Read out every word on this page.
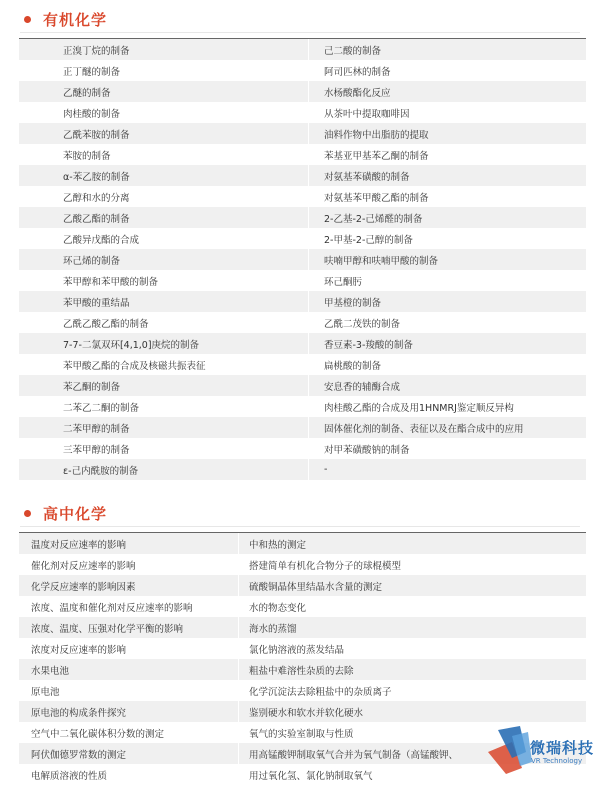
有机化学
正溴丁烷的制备	己二酸的制备
正丁醚的制备	阿司匹林的制备
乙醚的制备	水杨酸酯化反应
肉桂酸的制备	从茶叶中提取咖啡因
乙酰苯胺的制备	油料作物中出脂肪的提取
苯胺的制备	苯基亚甲基苯乙酮的制备
α-苯乙胺的制备	对氨基苯磺酸的制备
乙醇和水的分离	对氨基苯甲酸乙酯的制备
乙酸乙酯的制备	2-乙基-2-己烯醛的制备
乙酸异戊酯的合成	2-甲基-2-己醇的制备
环己烯的制备	呋喃甲醇和呋喃甲酸的制备
苯甲醇和苯甲酸的制备	环己酮肟
苯甲酸的重结晶	甲基橙的制备
乙酰乙酸乙酯的制备	乙酰二茂铁的制备
7-7-二氯双环[4,1,0]庚烷的制备	香豆素-3-羧酸的制备
苯甲酸乙酯的合成及核磁共振表征	扁桃酸的制备
苯乙酮的制备	安息香的辅酶合成
二苯乙二酮的制备	肉桂酸乙酯的合成及用1HNMRJ鉴定顺反异构
二苯甲醇的制备	固体催化剂的制备、表征以及在酯合成中的应用
三苯甲醇的制备	对甲苯磺酸钠的制备
ε-己内酰胺的制备	-
高中化学
温度对反应速率的影响	中和热的测定
催化剂对反应速率的影响	搭建简单有机化合物分子的球棍模型
化学反应速率的影响因素	硫酸铜晶体里结晶水含量的测定
浓度、温度和催化剂对反应速率的影响	水的物态变化
浓度、温度、压强对化学平衡的影响	海水的蒸馏
浓度对反应速率的影响	氯化钠溶液的蒸发结晶
水果电池	粗盐中难溶性杂质的去除
原电池	化学沉淀法去除粗盐中的杂质离子
原电池的构成条件探究	鉴别硬水和软水并软化硬水
空气中二氧化碳体积分数的测定	氧气的实验室制取与性质
阿伏伽德罗常数的测定	用高锰酸钾制取氧气合并为氧气制备（高锰酸钾、
电解质溶液的性质	用过氧化氢、氯化钠制取氧气
微瑞科技
VR Technology
